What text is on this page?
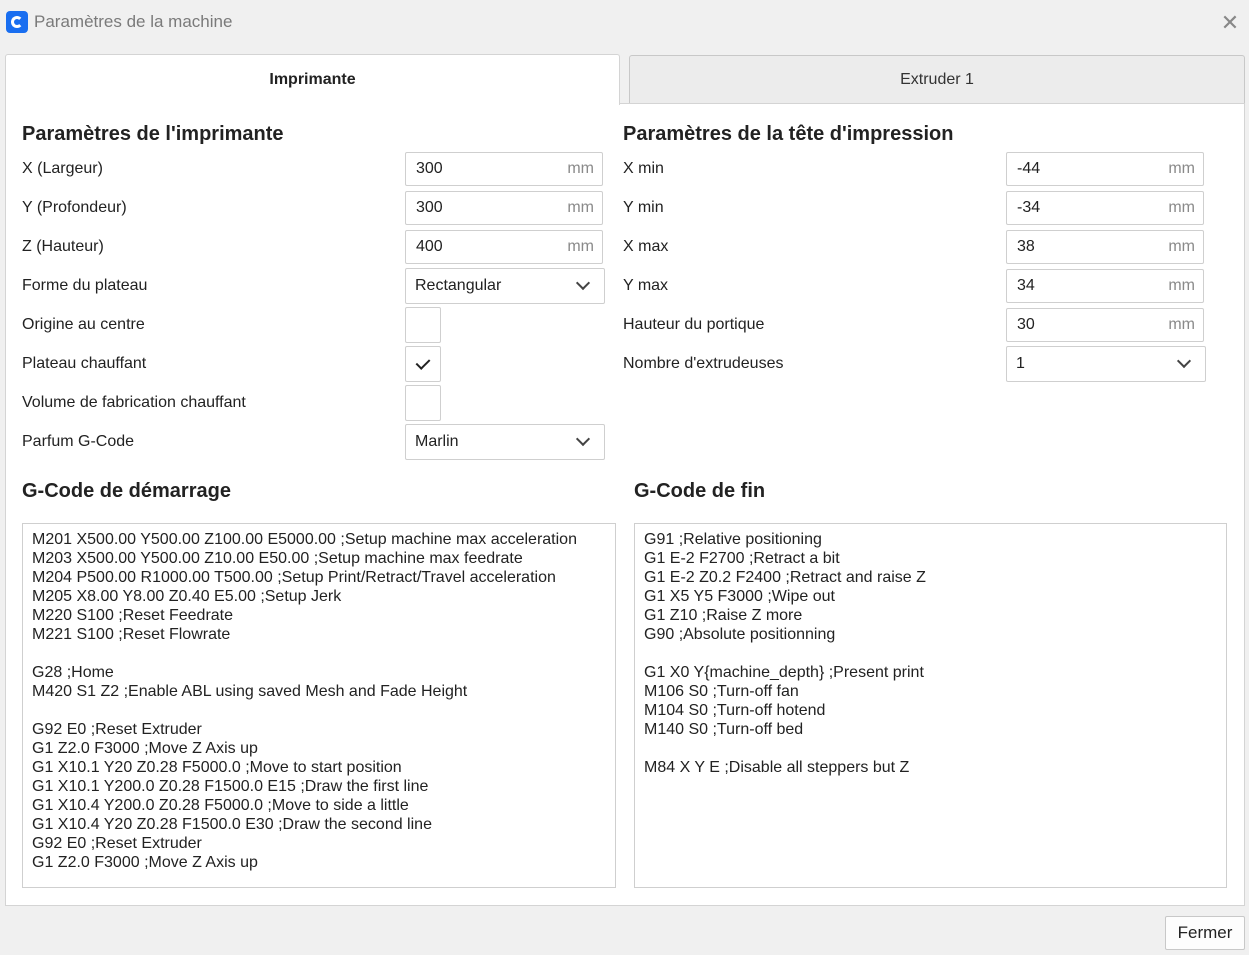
Paramètres de la machine	✕
Imprimante	Extruder 1
Paramètres de l'imprimante
X (Largeur)	300	mm
Y (Profondeur)	300	mm
Z (Hauteur)	400	mm
Forme du plateau	Rectangular
Origine au centre
Plateau chauffant
Volume de fabrication chauffant
Parfum G-Code	Marlin
Paramètres de la tête d'impression
X min	-44	mm
Y min	-34	mm
X max	38	mm
Y max	34	mm
Hauteur du portique	30	mm
Nombre d'extrudeuses	1
G-Code de démarrage
M201 X500.00 Y500.00 Z100.00 E5000.00 ;Setup machine max acceleration
M203 X500.00 Y500.00 Z10.00 E50.00 ;Setup machine max feedrate
M204 P500.00 R1000.00 T500.00 ;Setup Print/Retract/Travel acceleration
M205 X8.00 Y8.00 Z0.40 E5.00 ;Setup Jerk
M220 S100 ;Reset Feedrate
M221 S100 ;Reset Flowrate
G28 ;Home
M420 S1 Z2 ;Enable ABL using saved Mesh and Fade Height
G92 E0 ;Reset Extruder
G1 Z2.0 F3000 ;Move Z Axis up
G1 X10.1 Y20 Z0.28 F5000.0 ;Move to start position
G1 X10.1 Y200.0 Z0.28 F1500.0 E15 ;Draw the first line
G1 X10.4 Y200.0 Z0.28 F5000.0 ;Move to side a little
G1 X10.4 Y20 Z0.28 F1500.0 E30 ;Draw the second line
G92 E0 ;Reset Extruder
G1 Z2.0 F3000 ;Move Z Axis up
G-Code de fin
G91 ;Relative positioning
G1 E-2 F2700 ;Retract a bit
G1 E-2 Z0.2 F2400 ;Retract and raise Z
G1 X5 Y5 F3000 ;Wipe out
G1 Z10 ;Raise Z more
G90 ;Absolute positionning
G1 X0 Y{machine_depth} ;Present print
M106 S0 ;Turn-off fan
M104 S0 ;Turn-off hotend
M140 S0 ;Turn-off bed
M84 X Y E ;Disable all steppers but Z
Fermer
